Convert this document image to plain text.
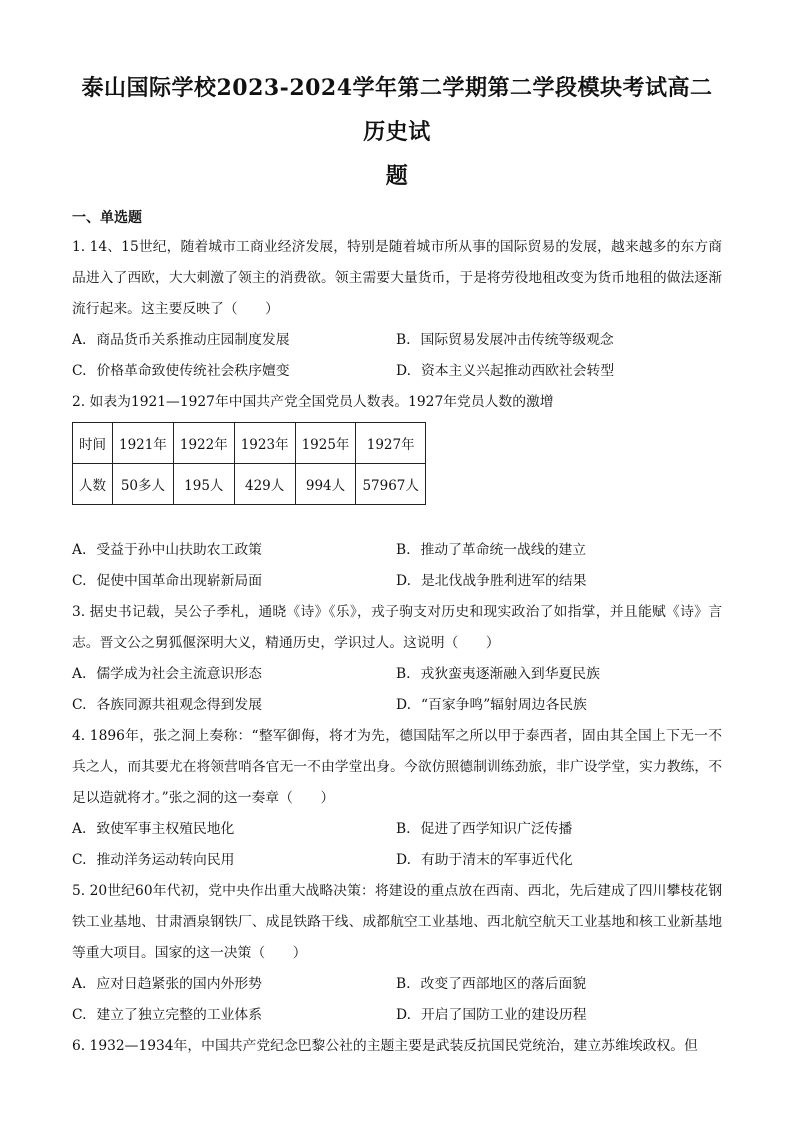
泰山国际学校2023-2024学年第二学期第二学段模块考试高二历史试
题
一、单选题

1. 14、15世纪，随着城市工商业经济发展，特别是随着城市所从事的国际贸易的发展，越来越多的东方商品进入了西欧，大大刺激了领主的消费欲。领主需要大量货币，于是将劳役地租改变为货币地租的做法逐渐流行起来。这主要反映了（　　）

A. 商品货币关系推动庄园制度发展	B. 国际贸易发展冲击传统等级观念
C. 价格革命致使传统社会秩序嬗变	D. 资本主义兴起推动西欧社会转型

2. 如表为1921—1927年中国共产党全国党员人数表。1927年党员人数的激增

时间	1921年	1922年	1923年	1925年	1927年
人数	50多人	195人	429人	994人	57967人
A. 受益于孙中山扶助农工政策	B. 推动了革命统一战线的建立
C. 促使中国革命出现崭新局面	D. 是北伐战争胜利进军的结果

3. 据史书记载，吴公子季札，通晓《诗》《乐》，戎子驹支对历史和现实政治了如指掌，并且能赋《诗》言志。晋文公之舅狐偃深明大义，精通历史，学识过人。这说明（　　）

A. 儒学成为社会主流意识形态	B. 戎狄蛮夷逐渐融入到华夏民族
C. 各族同源共祖观念得到发展	D. “百家争鸣”辐射周边各民族

4. 1896年，张之洞上奏称：“整军御侮，将才为先，德国陆军之所以甲于泰西者，固由其全国上下无一不兵之人，而其要尤在将领营哨各官无一不由学堂出身。今欲仿照德制训练劲旅，非广设学堂，实力教练，不足以造就将才。”张之洞的这一奏章（　　）

A. 致使军事主权殖民地化	B. 促进了西学知识广泛传播
C. 推动洋务运动转向民用	D. 有助于清末的军事近代化

5. 20世纪60年代初，党中央作出重大战略决策：将建设的重点放在西南、西北，先后建成了四川攀枝花钢铁工业基地、甘肃酒泉钢铁厂、成昆铁路干线、成都航空工业基地、西北航空航天工业基地和核工业新基地等重大项目。国家的这一决策（　　）

A. 应对日趋紧张的国内外形势	B. 改变了西部地区的落后面貌
C. 建立了独立完整的工业体系	D. 开启了国防工业的建设历程

6. 1932—1934年，中国共产党纪念巴黎公社的主题主要是武装反抗国民党统治，建立苏维埃政权。但
